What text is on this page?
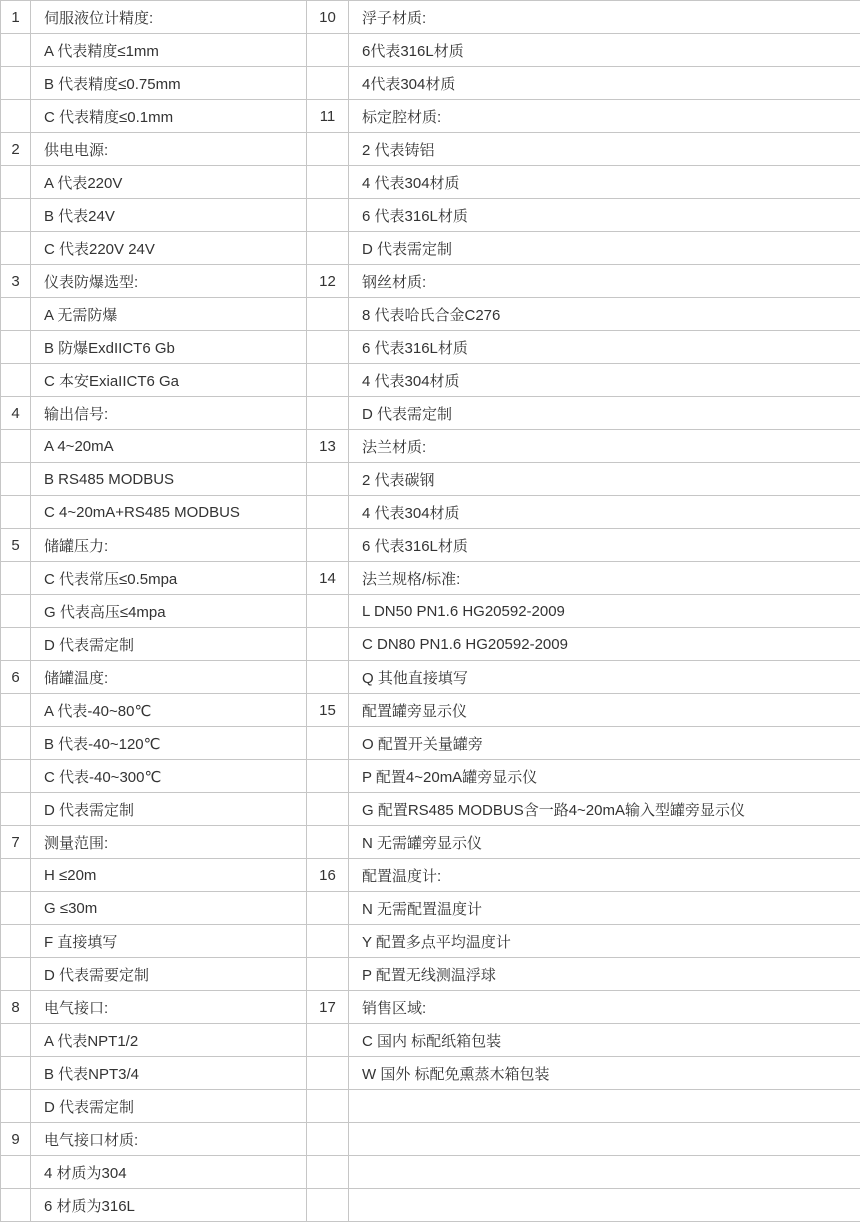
1	伺服液位计精度:	10	浮子材质:
	A 代表精度≤1mm		6代表316L材质
	B 代表精度≤0.75mm		4代表304材质
	C 代表精度≤0.1mm	11	标定腔材质:
2	供电电源:		2 代表铸铝
	A 代表220V		4 代表304材质
	B 代表24V		6 代表316L材质
	C 代表220V 24V		D 代表需定制
3	仪表防爆选型:	12	钢丝材质:
	A 无需防爆		8 代表哈氏合金C276
	B 防爆ExdIICT6 Gb		6 代表316L材质
	C 本安ExiaIICT6 Ga		4 代表304材质
4	输出信号:		D 代表需定制
	A 4~20mA	13	法兰材质:
	B RS485 MODBUS		2 代表碳钢
	C 4~20mA+RS485 MODBUS		4 代表304材质
5	储罐压力:		6 代表316L材质
	C 代表常压≤0.5mpa	14	法兰规格/标准:
	G 代表高压≤4mpa		L DN50 PN1.6 HG20592-2009
	D 代表需定制		C DN80 PN1.6 HG20592-2009
6	储罐温度:		Q 其他直接填写
	A 代表-40~80℃	15	配置罐旁显示仪
	B 代表-40~120℃		O 配置开关量罐旁
	C 代表-40~300℃		P 配置4~20mA罐旁显示仪
	D 代表需定制		G 配置RS485 MODBUS含一路4~20mA输入型罐旁显示仪
7	测量范围:		N 无需罐旁显示仪
	H ≤20m	16	配置温度计:
	G ≤30m		N 无需配置温度计
	F 直接填写		Y 配置多点平均温度计
	D 代表需要定制		P 配置无线测温浮球
8	电气接口:	17	销售区域:
	A 代表NPT1/2		C 国内 标配纸箱包装
	B 代表NPT3/4		W 国外 标配免熏蒸木箱包装
	D 代表需定制		
9	电气接口材质:		
	4 材质为304		
	6 材质为316L		
